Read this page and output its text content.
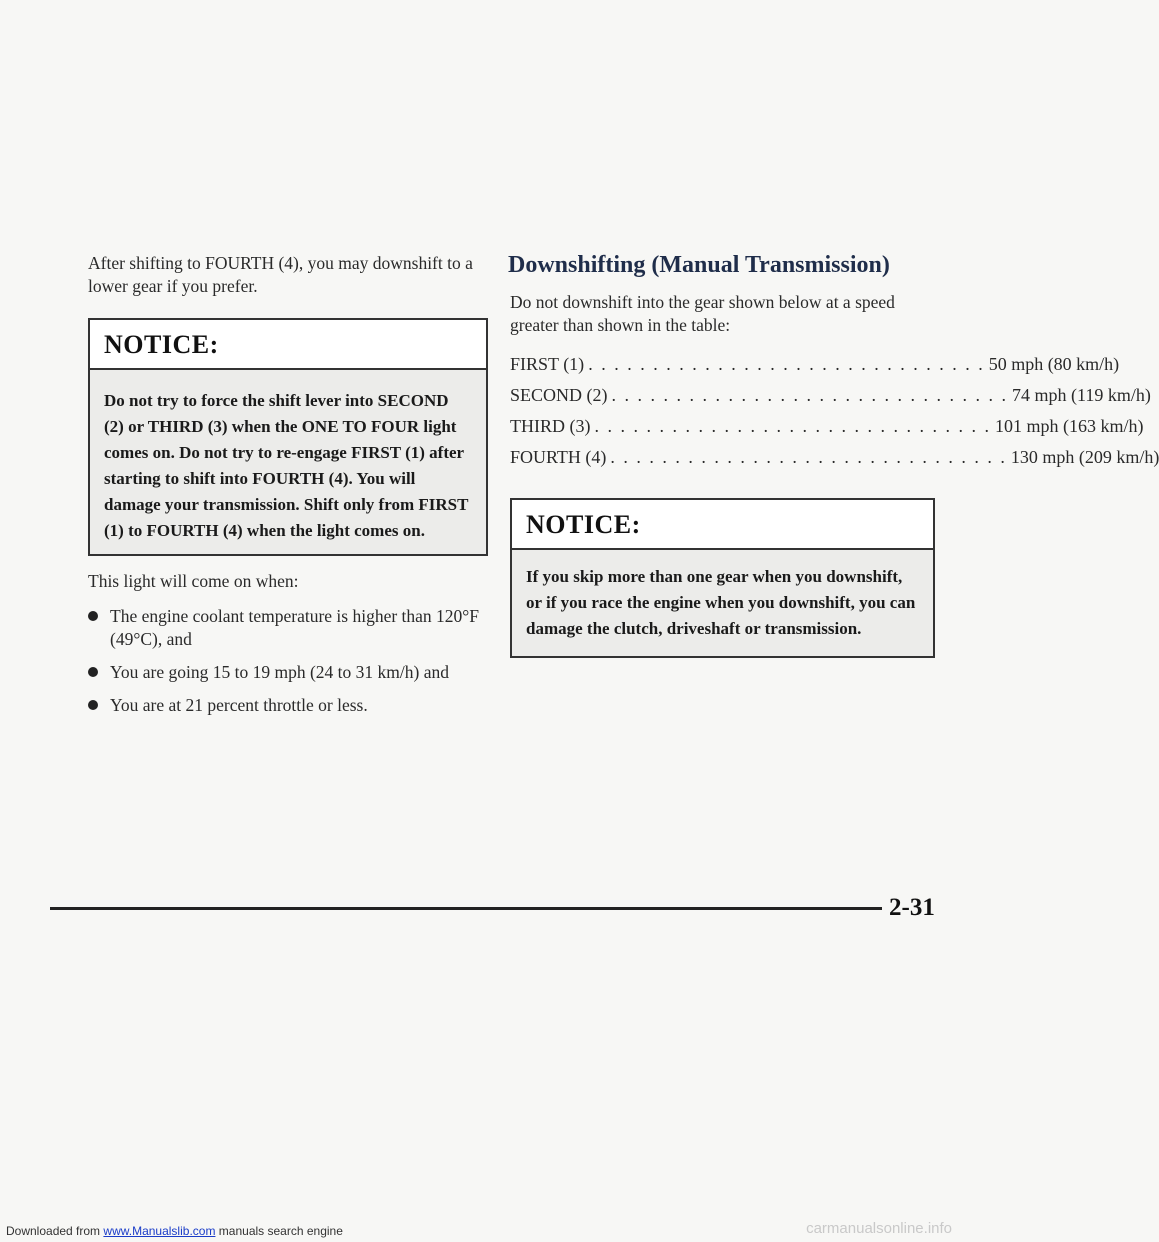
After shifting to FOURTH (4), you may downshift to a lower gear if you prefer.

NOTICE:
Do not try to force the shift lever into SECOND (2) or THIRD (3) when the ONE TO FOUR light comes on. Do not try to re-engage FIRST (1) after starting to shift into FOURTH (4). You will damage your transmission. Shift only from FIRST (1) to FOURTH (4) when the light comes on.

This light will come on when:

The engine coolant temperature is higher than 120°F (49°C), and
You are going 15 to 19 mph (24 to 31 km/h) and
You are at 21 percent throttle or less.
Downshifting (Manual Transmission)

Do not downshift into the gear shown below at a speed greater than shown in the table:

FIRST (1) . . . . . . . . . . . . . . . . . . . . . . . . . . . . . . . 50 mph (80 km/h)
SECOND (2) . . . . . . . . . . . . . . . . . . . . . . . . . . . . . . . 74 mph (119 km/h)
THIRD (3) . . . . . . . . . . . . . . . . . . . . . . . . . . . . . . . 101 mph (163 km/h)
FOURTH (4) . . . . . . . . . . . . . . . . . . . . . . . . . . . . . . . 130 mph (209 km/h)
NOTICE:
If you skip more than one gear when you downshift, or if you race the engine when you downshift, you can damage the clutch, driveshaft or transmission.
2-31
Downloaded from www.Manualslib.com manuals search engine	carmanualsonline.info
